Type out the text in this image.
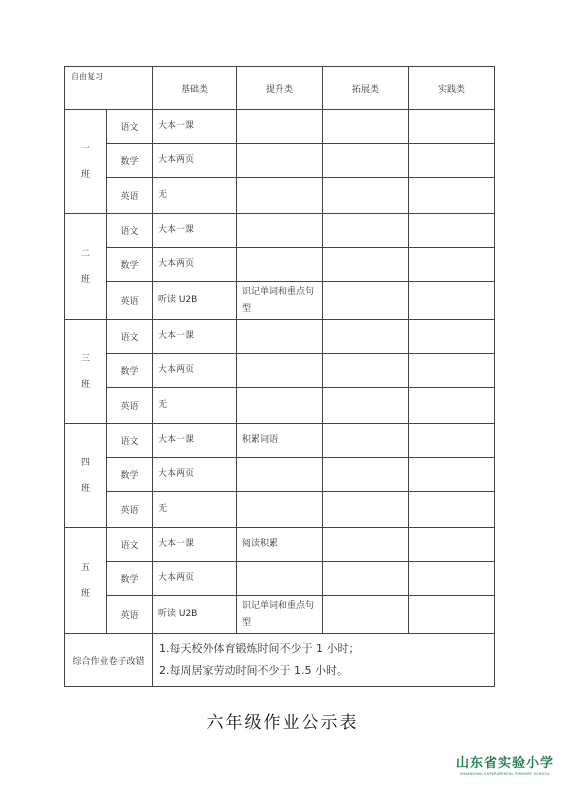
自由复习		基础类	提升类	拓展类	实践类
一
班	语文	大本一课			
	数学	大本两页			
	英语	无			
二
班	语文	大本一课			
	数学	大本两页			
	英语	听读 U2B	识记单词和重点句型		
三
班	语文	大本一课			
	数学	大本两页			
	英语	无			
四
班	语文	大本一课	积累词语		
	数学	大本两页			
	英语	无			
五
班	语文	大本一课	阅读积累		
	数学	大本两页			
	英语	听读 U2B	识记单词和重点句型		
综合作业卷子改错		1.每天校外体育锻炼时间不少于 1 小时；
2.每周居家劳动时间不少于 1.5 小时。			
六年级作业公示表
山东省实验小学
SHANDONG EXPERIMENTAL PRIMARY SCHOOL
